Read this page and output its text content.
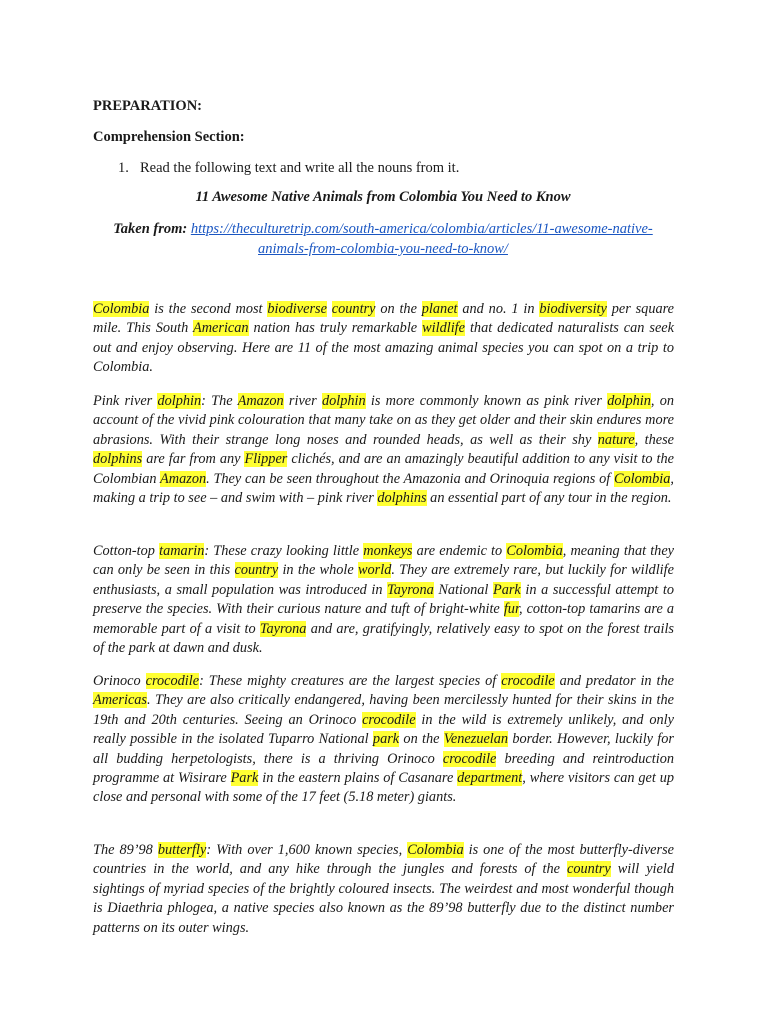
PREPARATION:
Comprehension Section:
1. Read the following text and write all the nouns from it.
11 Awesome Native Animals from Colombia You Need to Know
Taken from: https://theculturetrip.com/south-america/colombia/articles/11-awesome-native-animals-from-colombia-you-need-to-know/

Colombia is the second most biodiverse country on the planet and no. 1 in biodiversity per square mile. This South American nation has truly remarkable wildlife that dedicated naturalists can seek out and enjoy observing. Here are 11 of the most amazing animal species you can spot on a trip to Colombia.

Pink river dolphin: The Amazon river dolphin is more commonly known as pink river dolphin, on account of the vivid pink colouration that many take on as they get older and their skin endures more abrasions. With their strange long noses and rounded heads, as well as their shy nature, these dolphins are far from any Flipper clichés, and are an amazingly beautiful addition to any visit to the Colombian Amazon. They can be seen throughout the Amazonia and Orinoquia regions of Colombia, making a trip to see – and swim with – pink river dolphins an essential part of any tour in the region.

Cotton-top tamarin: These crazy looking little monkeys are endemic to Colombia, meaning that they can only be seen in this country in the whole world. They are extremely rare, but luckily for wildlife enthusiasts, a small population was introduced in Tayrona National Park in a successful attempt to preserve the species. With their curious nature and tuft of bright-white fur, cotton-top tamarins are a memorable part of a visit to Tayrona and are, gratifyingly, relatively easy to spot on the forest trails of the park at dawn and dusk.

Orinoco crocodile: These mighty creatures are the largest species of crocodile and predator in the Americas. They are also critically endangered, having been mercilessly hunted for their skins in the 19th and 20th centuries. Seeing an Orinoco crocodile in the wild is extremely unlikely, and only really possible in the isolated Tuparro National park on the Venezuelan border. However, luckily for all budding herpetologists, there is a thriving Orinoco crocodile breeding and reintroduction programme at Wisirare Park in the eastern plains of Casanare department, where visitors can get up close and personal with some of the 17 feet (5.18 meter) giants.

The 89’98 butterfly: With over 1,600 known species, Colombia is one of the most butterfly-diverse countries in the world, and any hike through the jungles and forests of the country will yield sightings of myriad species of the brightly coloured insects. The weirdest and most wonderful though is Diaethria phlogea, a native species also known as the 89’98 butterfly due to the distinct number patterns on its outer wings.
